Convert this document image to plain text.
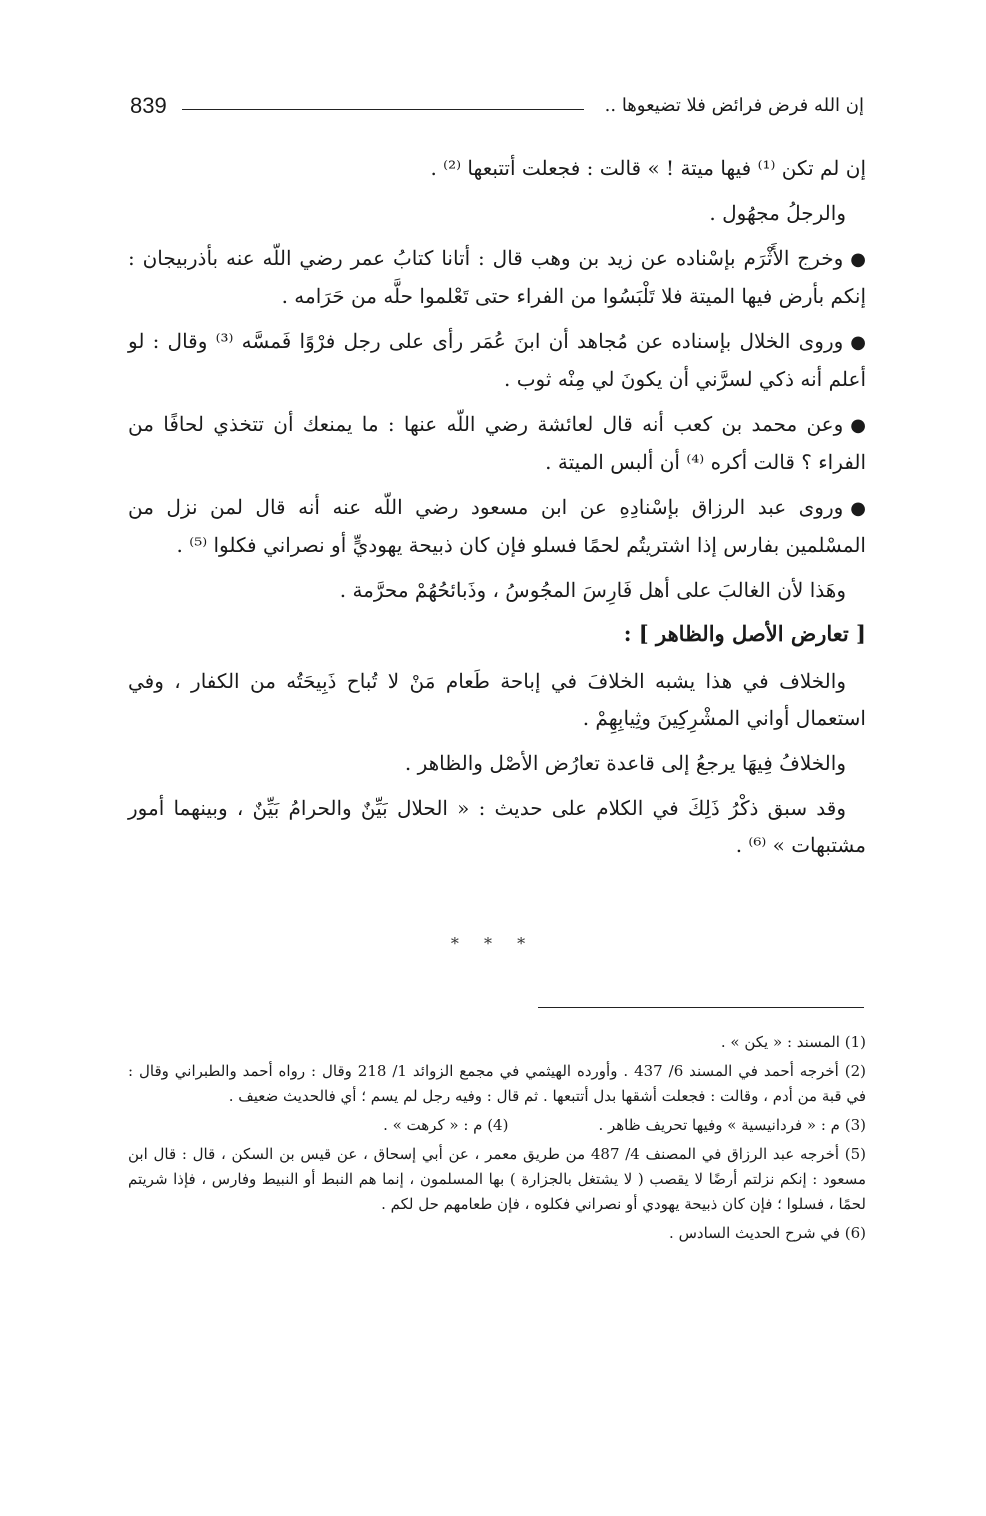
839	إن الله فرض فرائض فلا تضيعوها ..

إن لم تكن ⁽¹⁾ فيها ميتة ! » قالت : فجعلت أتتبعها ⁽²⁾ .

والرجلُ مجهُول .

●وخرج الأَثْرَم بإسْناده عن زيد بن وهب قال : أتانا كتابُ عمر رضي اللّه عنه بأذربيجان : إنكم بأرض فيها الميتة فلا تَلْبَسُوا من الفراء حتى تَعْلموا حلَّه من حَرَامه .

●وروى الخلال بإسناده عن مُجاهد أن ابنَ عُمَر رأى على رجل فرْوًا فَمسَّه ⁽³⁾ وقال : لو أعلم أنه ذكي لسرَّني أن يكونَ لي مِنْه ثوب .

●وعن محمد بن كعب أنه قال لعائشة رضي اللّه عنها : ما يمنعك أن تتخذي لحافًا من الفراء ؟ قالت أكره ⁽⁴⁾ أن ألبس الميتة .

●وروى عبد الرزاق بإسْنادِهِ عن ابن مسعود رضي اللّه عنه أنه قال لمن نزل من المسْلمين بفارس إذا اشتريتُم لحمًا فسلو فإن كان ذبيحة يهوديٍّ أو نصراني فكلوا ⁽⁵⁾ .

وهَذا لأن الغالبَ على أهل فَارِسَ المجُوسُ ، وذَبائحُهُمْ محرَّمة .

[ تعارض الأصل والظاهر ] :

والخلاف في هذا يشبه الخلافَ في إباحة طَعام مَنْ لا تُباح ذَبِيحَتُه من الكفار ، وفي استعمال أواني المشْرِكِينَ وثِيابِهِمْ .

والخلافُ فِيهَا يرجعُ إلى قاعدة تعارُض الأصْل والظاهر .

وقد سبق ذكْرُ ذَلِكَ في الكلام على حديث : « الحلال بَيِّنٌ والحرامُ بَيِّنٌ ، وبينهما أمور مشتبهات » ⁽⁶⁾ .

* * *

(1) المسند : « يكن » .

(2) أخرجه أحمد في المسند 6/ 437 . وأورده الهيثمي في مجمع الزوائد 1/ 218 وقال : رواه أحمد والطبراني وقال : في قبة من أدم ، وقالت : فجعلت أشقها بدل أتتبعها . ثم قال : وفيه رجل لم يسم ؛ أي فالحديث ضعيف .

(3) م : « فردانيسية » وفيها تحريف ظاهر .(4) م : « كرهت » .

(5) أخرجه عبد الرزاق في المصنف 4/ 487 من طريق معمر ، عن أبي إسحاق ، عن قيس بن السكن ، قال : قال ابن مسعود : إنكم نزلتم أرضًا لا يقصب ( لا يشتغل بالجزارة ) بها المسلمون ، إنما هم النبط أو النبيط وفارس ، فإذا شريتم لحمًا ، فسلوا ؛ فإن كان ذبيحة يهودي أو نصراني فكلوه ، فإن طعامهم حل لكم .

(6) في شرح الحديث السادس .
